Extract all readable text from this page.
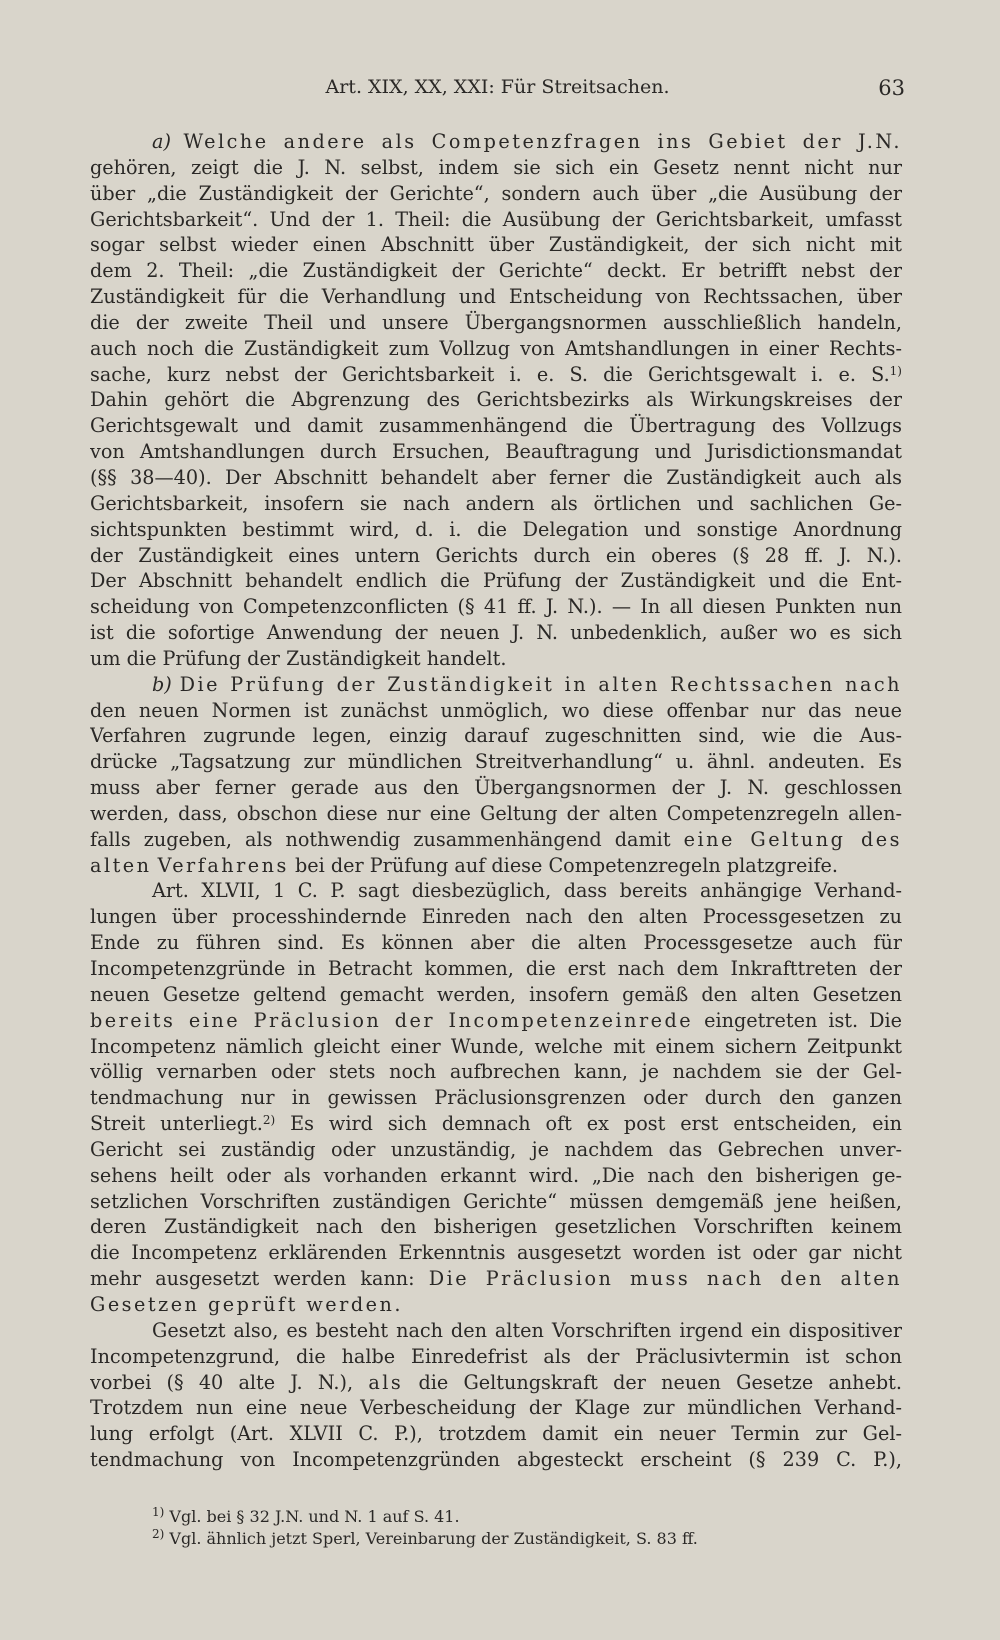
Art. XIX, XX, XXI: Für Streitsachen.	63
a) Welche andere als Competenzfragen ins Gebiet der J.N.
gehören, zeigt die J. N. selbst, indem sie sich ein Gesetz nennt nicht nur
über „die Zuständigkeit der Gerichte“, sondern auch über „die Ausübung der
Gerichtsbarkeit“. Und der 1. Theil: die Ausübung der Gerichtsbarkeit, umfasst
sogar selbst wieder einen Abschnitt über Zuständigkeit, der sich nicht mit
dem 2. Theil: „die Zuständigkeit der Gerichte“ deckt. Er betrifft nebst der
Zuständigkeit für die Verhandlung und Entscheidung von Rechtssachen, über
die der zweite Theil und unsere Übergangsnormen ausschließlich handeln,
auch noch die Zuständigkeit zum Vollzug von Amtshandlungen in einer Rechts-
sache, kurz nebst der Gerichtsbarkeit i. e. S. die Gerichtsgewalt i. e. S.$^{1)}$
Dahin gehört die Abgrenzung des Gerichtsbezirks als Wirkungskreises der
Gerichtsgewalt und damit zusammenhängend die Übertragung des Vollzugs
von Amtshandlungen durch Ersuchen, Beauftragung und Jurisdictionsmandat
(§§ 38—40). Der Abschnitt behandelt aber ferner die Zuständigkeit auch als
Gerichtsbarkeit, insofern sie nach andern als örtlichen und sachlichen Ge-
sichtspunkten bestimmt wird, d. i. die Delegation und sonstige Anordnung
der Zuständigkeit eines untern Gerichts durch ein oberes (§ 28 ff. J. N.).
Der Abschnitt behandelt endlich die Prüfung der Zuständigkeit und die Ent-
scheidung von Competenzconflicten (§ 41 ff. J. N.). — In all diesen Punkten nun
ist die sofortige Anwendung der neuen J. N. unbedenklich, außer wo es sich
um die Prüfung der Zuständigkeit handelt.
b) Die Prüfung der Zuständigkeit in alten Rechtssachen nach
den neuen Normen ist zunächst unmöglich, wo diese offenbar nur das neue
Verfahren zugrunde legen, einzig darauf zugeschnitten sind, wie die Aus-
drücke „Tagsatzung zur mündlichen Streitverhandlung“ u. ähnl. andeuten. Es
muss aber ferner gerade aus den Übergangsnormen der J. N. geschlossen
werden, dass, obschon diese nur eine Geltung der alten Competenzregeln allen-
falls zugeben, als nothwendig zusammenhängend damit eine Geltung des
alten Verfahrens bei der Prüfung auf diese Competenzregeln platzgreife.
Art. XLVII, 1 C. P. sagt diesbezüglich, dass bereits anhängige Verhand-
lungen über processhindernde Einreden nach den alten Processgesetzen zu
Ende zu führen sind. Es können aber die alten Processgesetze auch für
Incompetenzgründe in Betracht kommen, die erst nach dem Inkrafttreten der
neuen Gesetze geltend gemacht werden, insofern gemäß den alten Gesetzen
bereits eine Präclusion der Incompetenzeinrede eingetreten ist. Die
Incompetenz nämlich gleicht einer Wunde, welche mit einem sichern Zeitpunkt
völlig vernarben oder stets noch aufbrechen kann, je nachdem sie der Gel-
tendmachung nur in gewissen Präclusionsgrenzen oder durch den ganzen
Streit unterliegt.$^{2)}$ Es wird sich demnach oft ex post erst entscheiden, ein
Gericht sei zuständig oder unzuständig, je nachdem das Gebrechen unver-
sehens heilt oder als vorhanden erkannt wird. „Die nach den bisherigen ge-
setzlichen Vorschriften zuständigen Gerichte“ müssen demgemäß jene heißen,
deren Zuständigkeit nach den bisherigen gesetzlichen Vorschriften keinem
die Incompetenz erklärenden Erkenntnis ausgesetzt worden ist oder gar nicht
mehr ausgesetzt werden kann: Die Präclusion muss nach den alten
Gesetzen geprüft werden.
Gesetzt also, es besteht nach den alten Vorschriften irgend ein dispositiver
Incompetenzgrund, die halbe Einredefrist als der Präclusivtermin ist schon
vorbei (§ 40 alte J. N.), als die Geltungskraft der neuen Gesetze anhebt.
Trotzdem nun eine neue Verbescheidung der Klage zur mündlichen Verhand-
lung erfolgt (Art. XLVII C. P.), trotzdem damit ein neuer Termin zur Gel-
tendmachung von Incompetenzgründen abgesteckt erscheint (§ 239 C. P.),
$^{1)}$ Vgl. bei § 32 J.N. und N. 1 auf S. 41.
$^{2)}$ Vgl. ähnlich jetzt Sperl, Vereinbarung der Zuständigkeit, S. 83 ff.
